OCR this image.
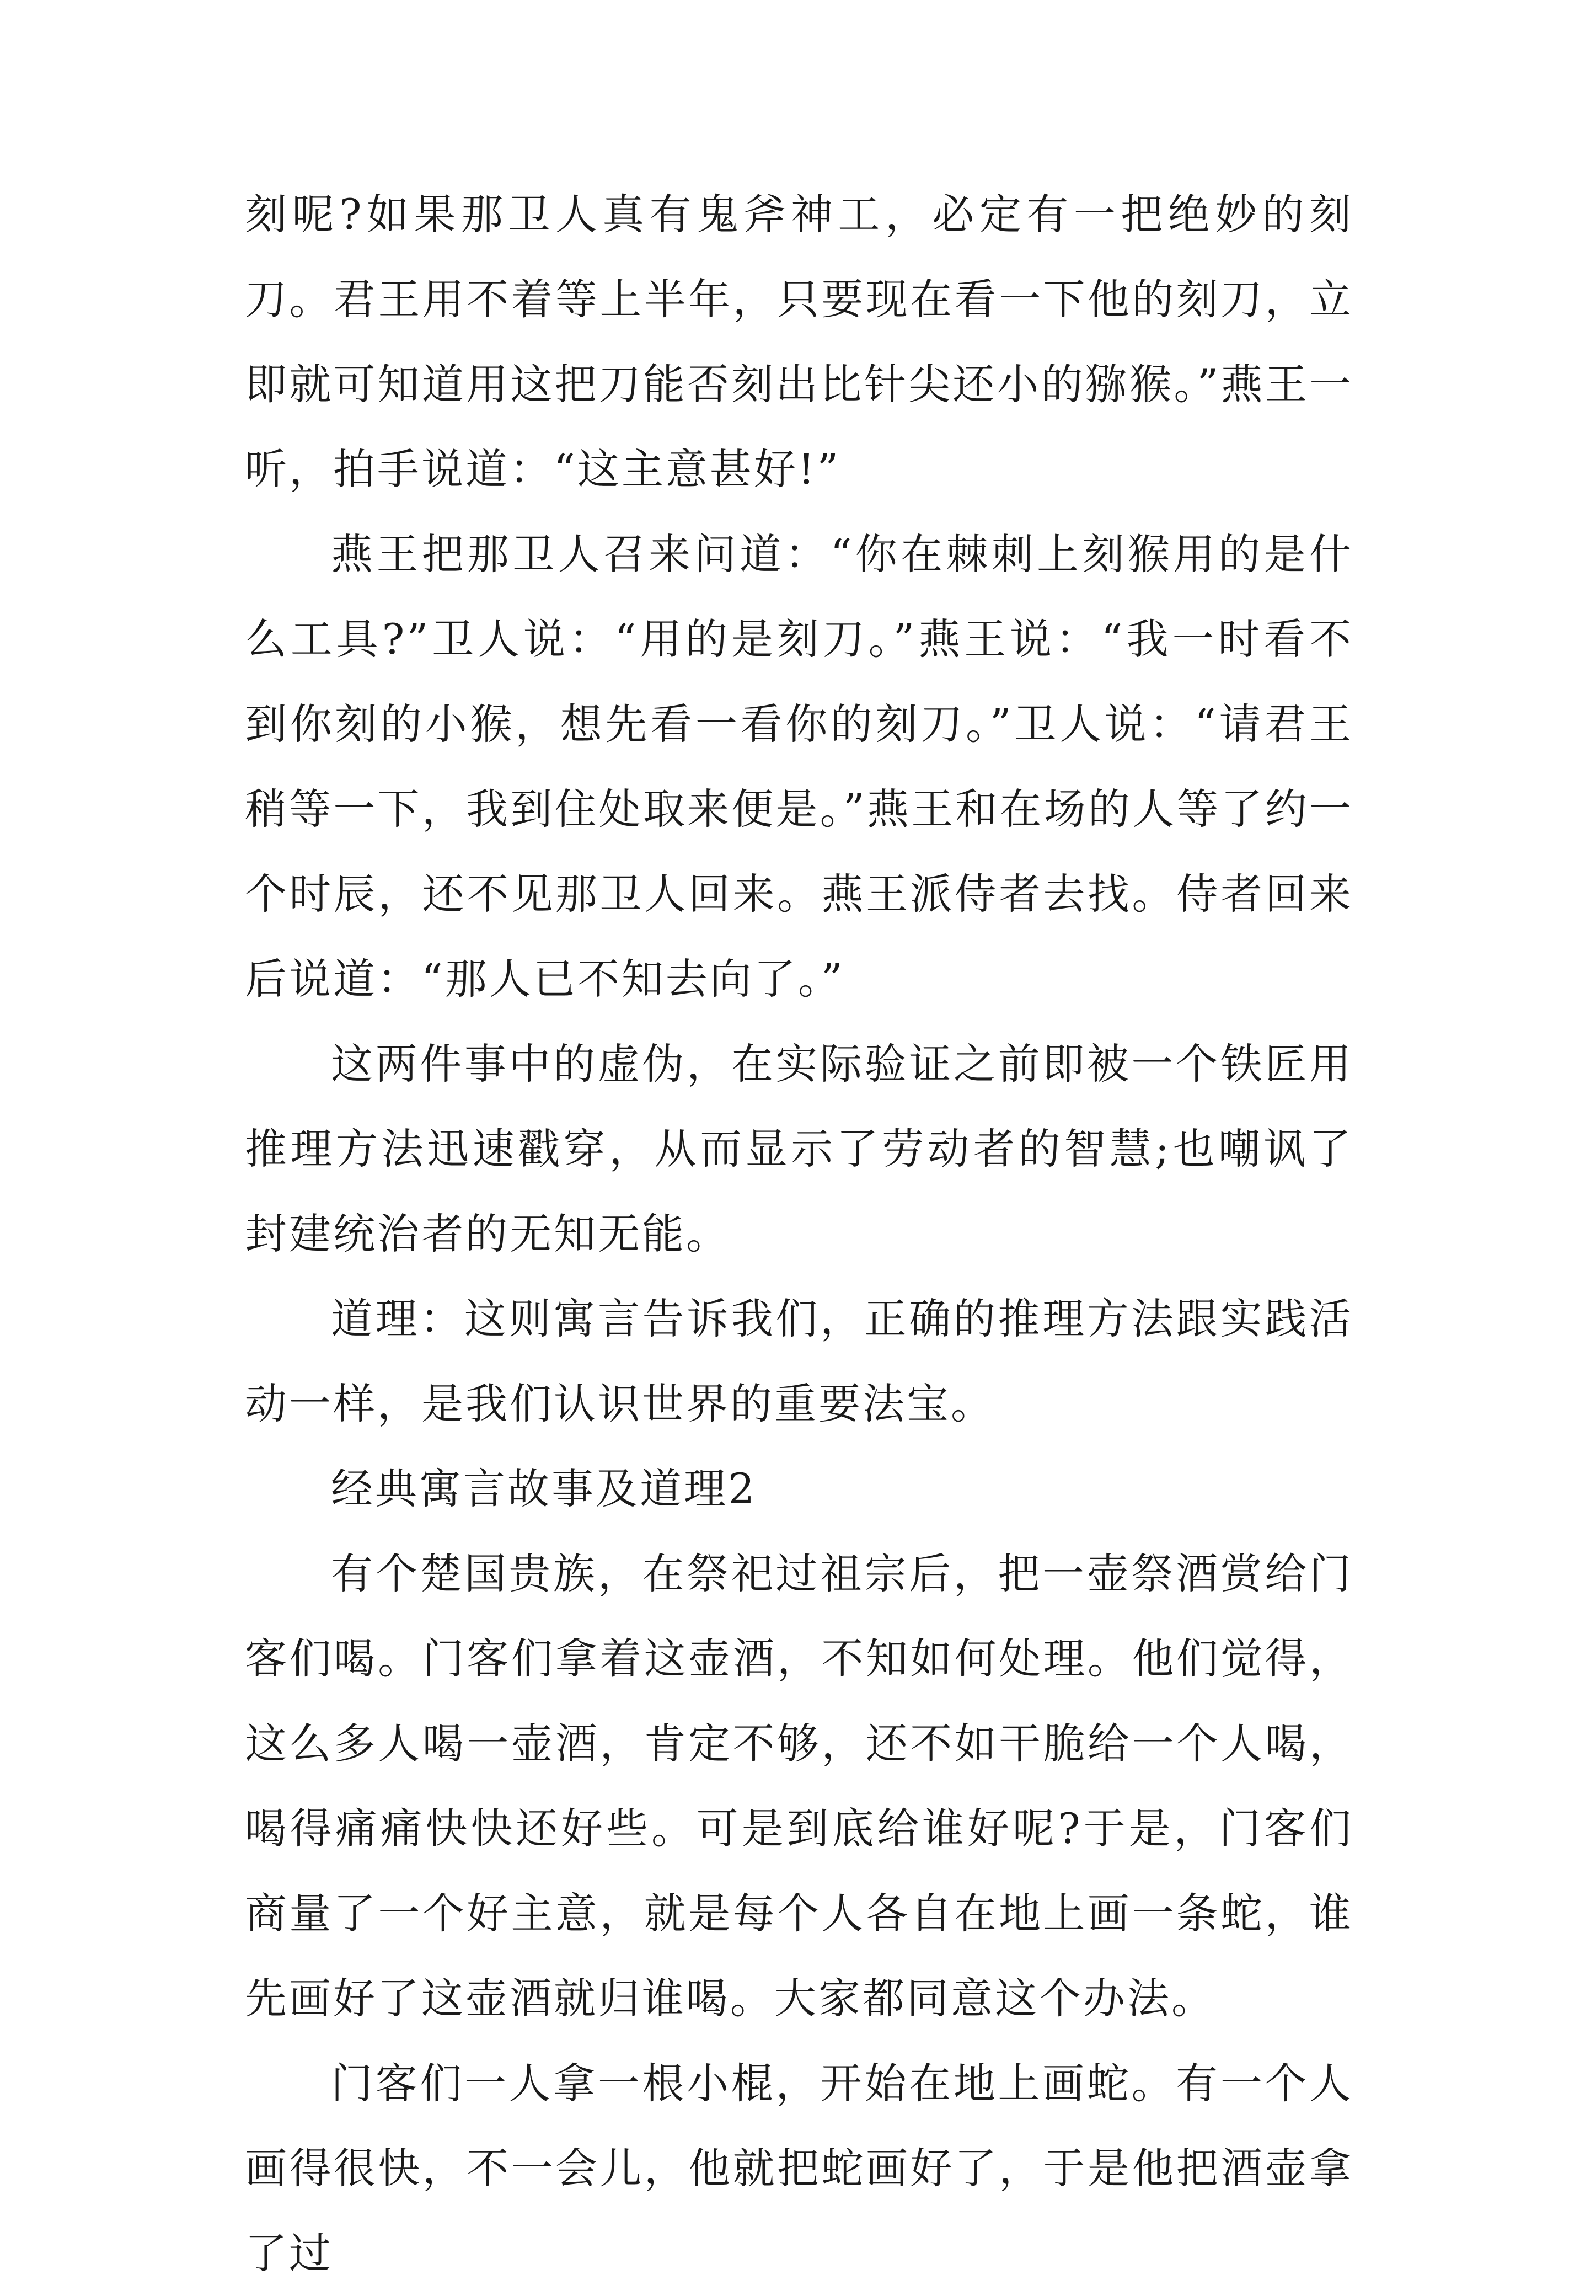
刻呢?如果那卫人真有鬼斧神工，必定有一把绝妙的刻刀。君王用不着等上半年，只要现在看一下他的刻刀，立即就可知道用这把刀能否刻出比针尖还小的猕猴。”燕王一听，拍手说道：“这主意甚好!”

燕王把那卫人召来问道：“你在棘刺上刻猴用的是什么工具?”卫人说：“用的是刻刀。”燕王说：“我一时看不到你刻的小猴，想先看一看你的刻刀。”卫人说：“请君王稍等一下，我到住处取来便是。”燕王和在场的人等了约一个时辰，还不见那卫人回来。燕王派侍者去找。侍者回来后说道：“那人已不知去向了。”

这两件事中的虚伪，在实际验证之前即被一个铁匠用推理方法迅速戳穿，从而显示了劳动者的智慧;也嘲讽了封建统治者的无知无能。

道理：这则寓言告诉我们，正确的推理方法跟实践活动一样，是我们认识世界的重要法宝。

经典寓言故事及道理2

有个楚国贵族，在祭祀过祖宗后，把一壶祭酒赏给门客们喝。门客们拿着这壶酒，不知如何处理。他们觉得，这么多人喝一壶酒，肯定不够，还不如干脆给一个人喝，喝得痛痛快快还好些。可是到底给谁好呢?于是，门客们商量了一个好主意，就是每个人各自在地上画一条蛇，谁先画好了这壶酒就归谁喝。大家都同意这个办法。

门客们一人拿一根小棍，开始在地上画蛇。有一个人画得很快，不一会儿，他就把蛇画好了，于是他把酒壶拿了过
